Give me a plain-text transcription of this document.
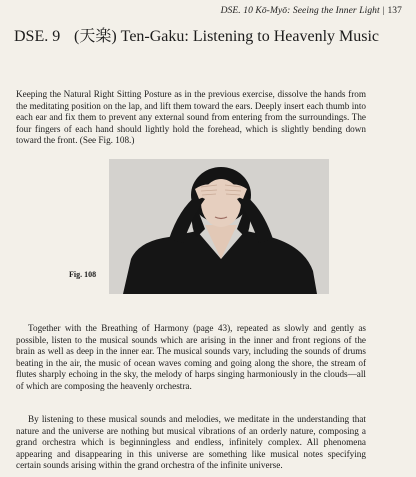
DSE. 10 Kō-Myō: Seeing the Inner Light | 137
DSE. 9 (天楽) Ten-Gaku: Listening to Heavenly Music

Keeping the Natural Right Sitting Posture as in the previous exercise, dissolve the hands from the meditating position on the lap, and lift them toward the ears. Deeply insert each thumb into each ear and fix them to prevent any external sound from entering from the surroundings. The four fingers of each hand should lightly hold the forehead, which is slightly bending down toward the front. (See Fig. 108.)

Fig. 108

Together with the Breathing of Harmony (page 43), repeated as slowly and gently as possible, listen to the musical sounds which are arising in the inner and front regions of the brain as well as deep in the inner ear. The musical sounds vary, including the sounds of drums beating in the air, the music of ocean waves coming and going along the shore, the stream of flutes sharply echoing in the sky, the melody of harps singing harmoniously in the clouds—all of which are composing the heavenly orchestra.

By listening to these musical sounds and melodies, we meditate in the understanding that nature and the universe are nothing but musical vibrations of an orderly nature, composing a grand orchestra which is beginningless and endless, infinitely complex. All phenomena appearing and disappearing in this universe are something like musical notes specifying certain sounds arising within the grand orchestra of the infinite universe.
